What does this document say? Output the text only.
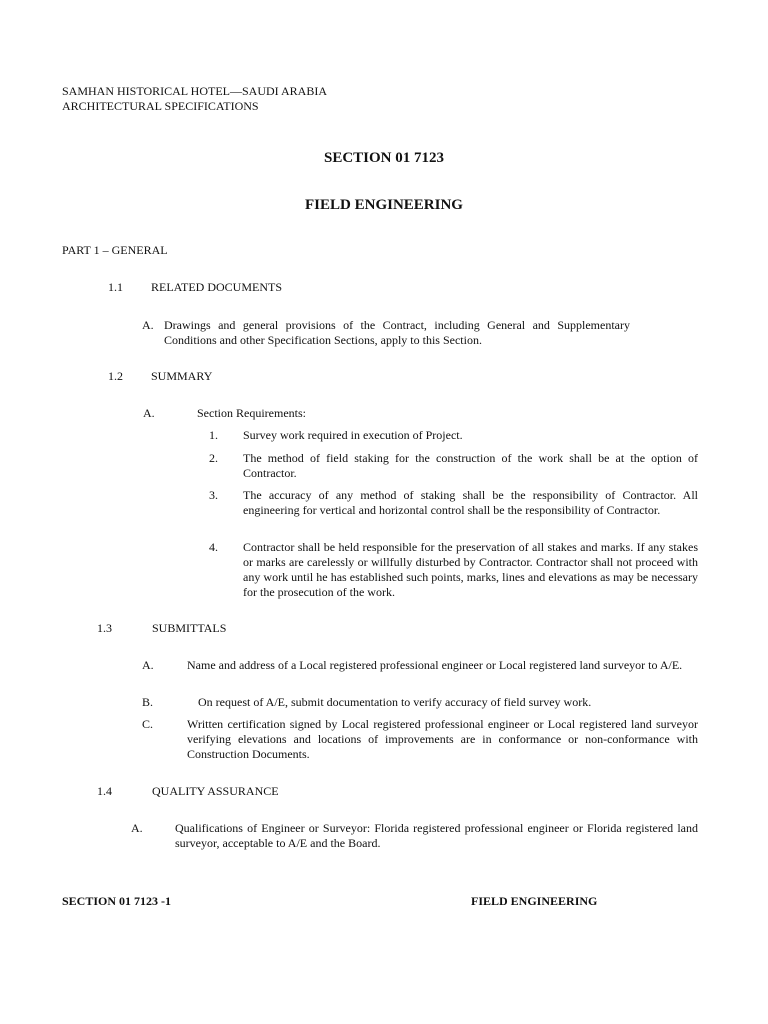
SAMHAN HISTORICAL HOTEL—SAUDI ARABIA
ARCHITECTURAL SPECIFICATIONS
SECTION 01 7123
FIELD ENGINEERING
PART 1 – GENERAL
1.1 RELATED DOCUMENTS
A. Drawings and general provisions of the Contract, including General and Supplementary Conditions and other Specification Sections, apply to this Section.
1.2 SUMMARY
A.	Section Requirements:
1. Survey work required in execution of Project.
2. The method of field staking for the construction of the work shall be at the option of Contractor.
3. The accuracy of any method of staking shall be the responsibility of Contractor. All engineering for vertical and horizontal control shall be the responsibility of Contractor.
4. Contractor shall be held responsible for the preservation of all stakes and marks. If any stakes or marks are carelessly or willfully disturbed by Contractor. Contractor shall not proceed with any work until he has established such points, marks, lines and elevations as may be necessary for the prosecution of the work.
1.3	SUBMITTALS
A.	Name and address of a Local registered professional engineer or Local registered land surveyor to A/E.
B.	On request of A/E, submit documentation to verify accuracy of field survey work.
C.	Written certification signed by Local registered professional engineer or Local registered land surveyor verifying elevations and locations of improvements are in conformance or non-conformance with Construction Documents.
1.4	QUALITY ASSURANCE
A.	Qualifications of Engineer or Surveyor: Florida registered professional engineer or Florida registered land surveyor, acceptable to A/E and the Board.
SECTION 01 7123 -1	FIELD ENGINEERING
